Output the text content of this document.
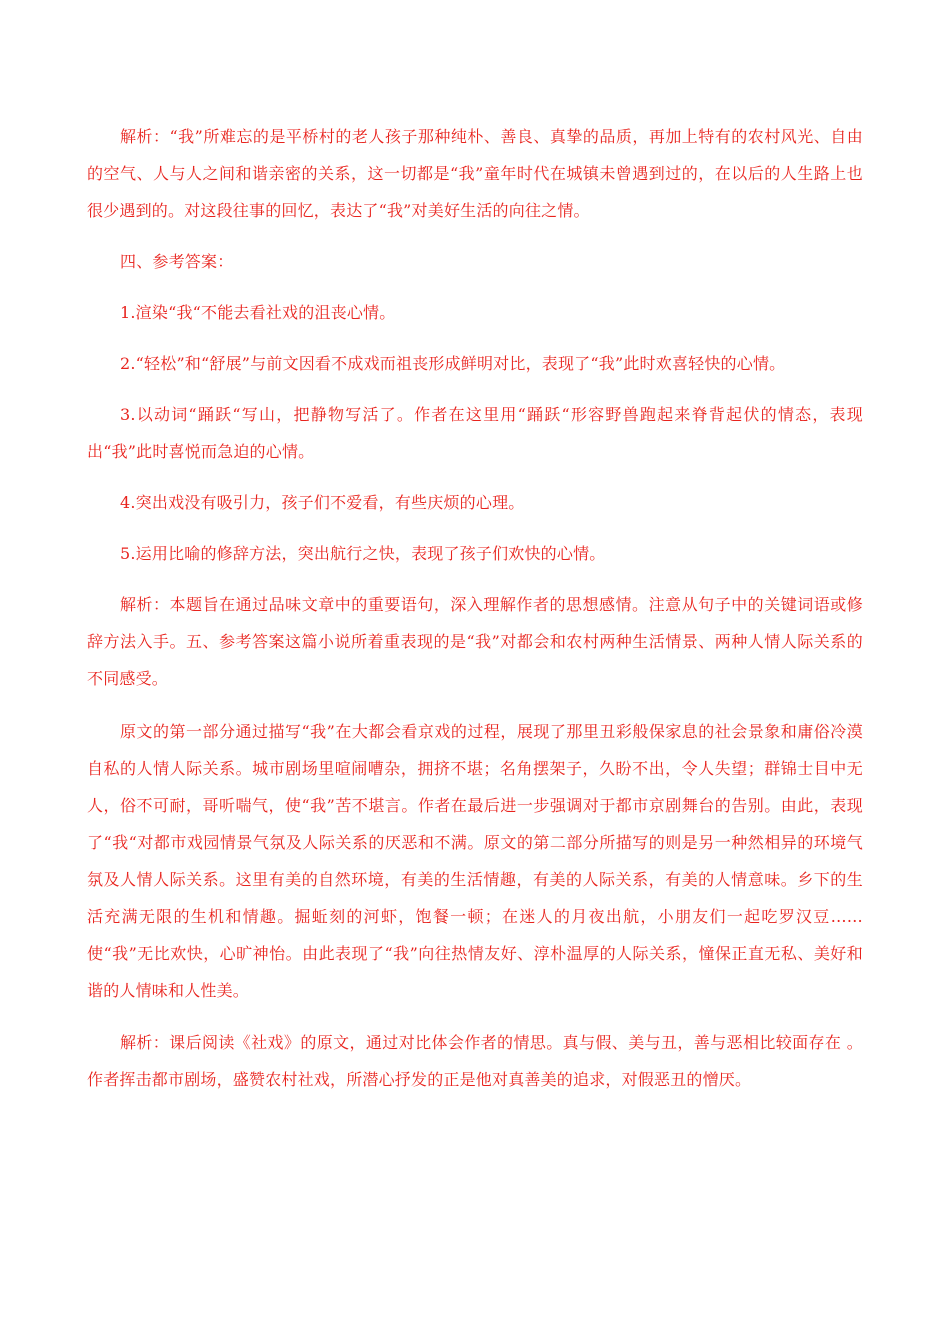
解析：“我”所难忘的是平桥村的老人孩子那种纯朴、善良、真挚的品质，再加上特有的农村风光、自由的空气、人与人之间和谐亲密的关系，这一切都是“我”童年时代在城镇未曾遇到过的，在以后的人生路上也很少遇到的。对这段往事的回忆，表达了“我”对美好生活的向往之情。

四、参考答案：

1.渲染“我“不能去看社戏的沮丧心情。

2.“轻松”和“舒展”与前文因看不成戏而祖丧形成鲜明对比，表现了“我”此时欢喜轻快的心情。

3.以动词“踊跃“写山，把静物写活了。作者在这里用“踊跃“形容野兽跑起来脊背起伏的情态，表现出“我”此时喜悦而急迫的心情。

4.突出戏没有吸引力，孩子们不爱看，有些庆烦的心理。

5.运用比喻的修辞方法，突出航行之快，表现了孩子们欢快的心情。

解析：本题旨在通过品味文章中的重要语句，深入理解作者的思想感情。注意从句子中的关键词语或修辞方法入手。五、参考答案这篇小说所着重表现的是“我”对都会和农村两种生活情景、两种人情人际关系的不同感受。

原文的第一部分通过描写“我”在大都会看京戏的过程，展现了那里丑彩般保家息的社会景象和庸俗冷漠自私的人情人际关系。城市剧场里喧闹嘈杂，拥挤不堪；名角摆架子，久盼不出，令人失望；群锦士目中无人，俗不可耐，哥听喘气，使“我”苦不堪言。作者在最后进一步强调对于都市京剧舞台的告别。由此，表现了“我“对都市戏园情景气氛及人际关系的厌恶和不满。原文的第二部分所描写的则是另一种然相异的环境气氛及人情人际关系。这里有美的自然环境，有美的生活情趣，有美的人际关系，有美的人情意味。乡下的生活充满无限的生机和情趣。掘蚯刻的河虾，饱餐一顿；在迷人的月夜出航，小朋友们一起吃罗汉豆……使“我”无比欢快，心旷神怡。由此表现了“我”向往热情友好、淳朴温厚的人际关系，憧保正直无私、美好和谐的人情味和人性美。

解析：课后阅读《社戏》的原文，通过对比体会作者的情思。真与假、美与丑，善与恶相比较面存在 。作者挥击都市剧场，盛赞农村社戏，所潜心抒发的正是他对真善美的追求，对假恶丑的憎厌。
